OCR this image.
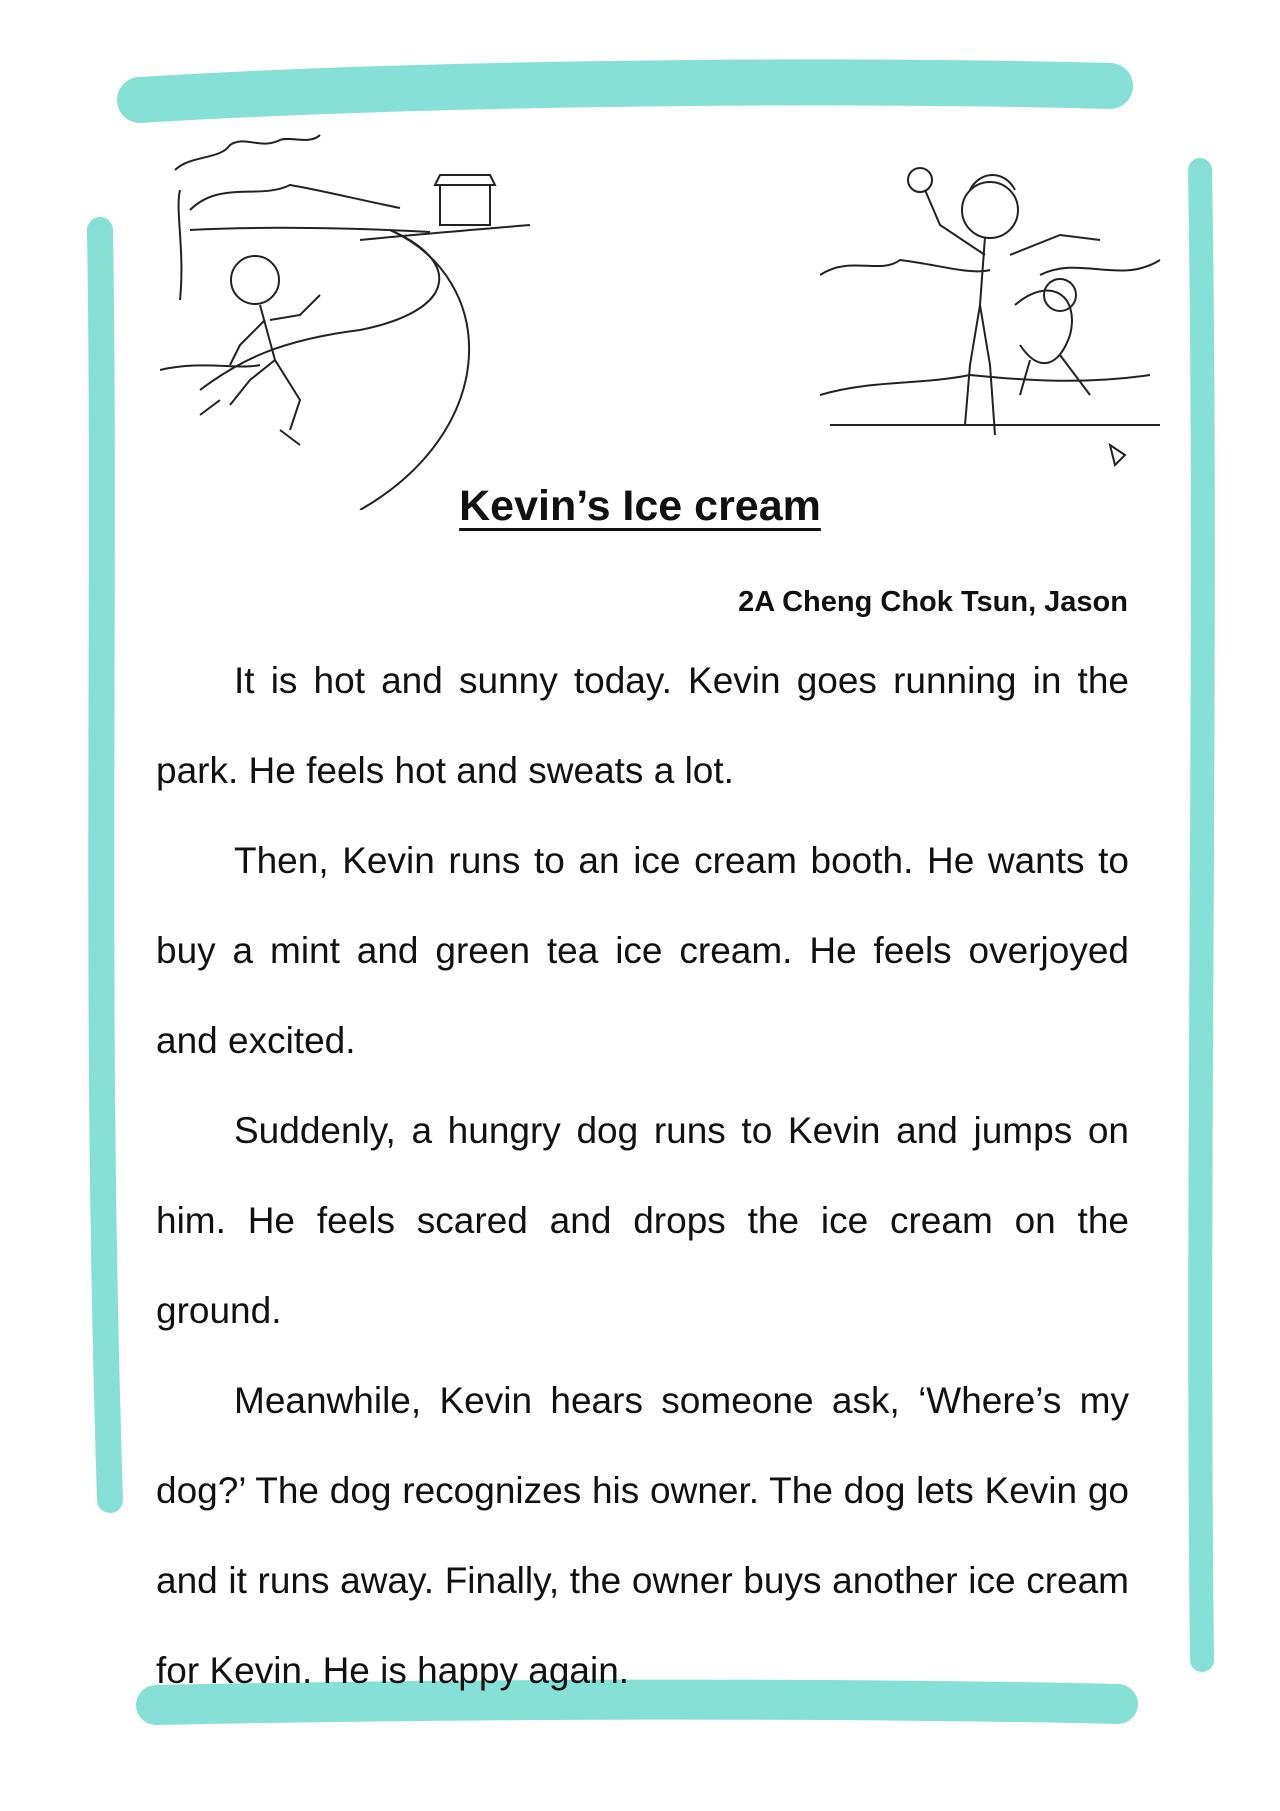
Kevin’s Ice cream
2A Cheng Chok Tsun, Jason

It is hot and sunny today. Kevin goes running in the park. He feels hot and sweats a lot.

Then, Kevin runs to an ice cream booth. He wants to buy a mint and green tea ice cream. He feels overjoyed and excited.

Suddenly, a hungry dog runs to Kevin and jumps on him. He feels scared and drops the ice cream on the ground.

Meanwhile, Kevin hears someone ask, ‘Where’s my dog?’ The dog recognizes his owner. The dog lets Kevin go and it runs away. Finally, the owner buys another ice cream for Kevin. He is happy again.
